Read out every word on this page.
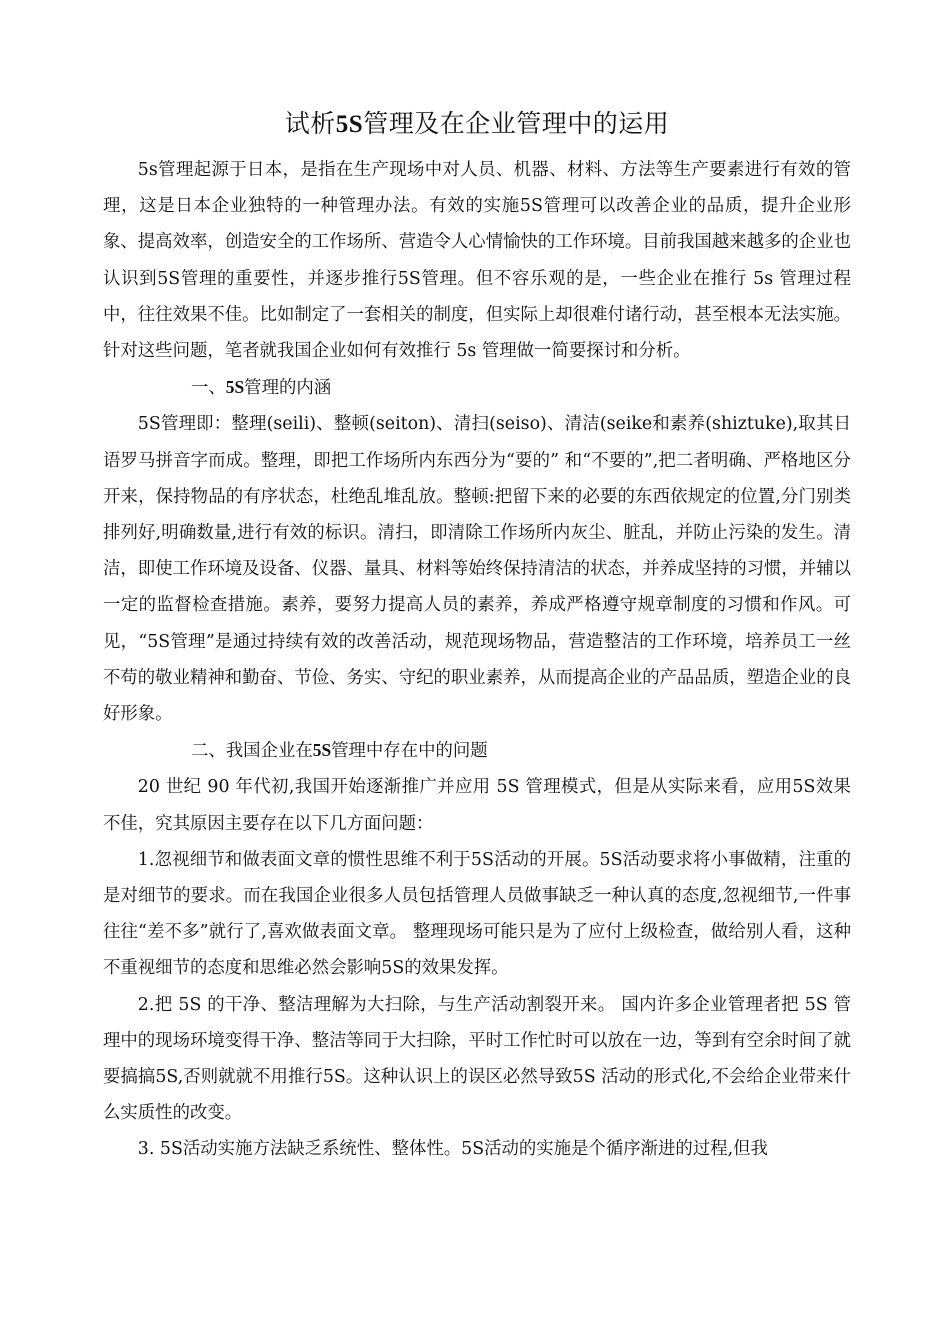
试析5S管理及在企业管理中的运用

5s管理起源于日本，是指在生产现场中对人员、机器、材料、方法等生产要素进行有效的管理，这是日本企业独特的一种管理办法。有效的实施5S管理可以改善企业的品质，提升企业形象、提高效率，创造安全的工作场所、营造令人心情愉快的工作环境。目前我国越来越多的企业也认识到5S管理的重要性，并逐步推行5S管理。但不容乐观的是，一些企业在推行 5s 管理过程中，往往效果不佳。比如制定了一套相关的制度，但实际上却很难付诸行动，甚至根本无法实施。针对这些问题，笔者就我国企业如何有效推行 5s 管理做一简要探讨和分析。

一、5S管理的内涵

5S管理即：整理(seili)、整顿(seiton)、清扫(seiso)、清洁(seike和素养(shiztuke),取其日语罗马拼音字而成。整理，即把工作场所内东西分为“要的” 和“不要的”,把二者明确、严格地区分开来，保持物品的有序状态，杜绝乱堆乱放。整顿:把留下来的必要的东西依规定的位置,分门别类排列好,明确数量,进行有效的标识。清扫，即清除工作场所内灰尘、脏乱，并防止污染的发生。清洁，即使工作环境及设备、仪器、量具、材料等始终保持清洁的状态，并养成坚持的习惯，并辅以一定的监督检查措施。素养，要努力提高人员的素养，养成严格遵守规章制度的习惯和作风。可见，“5S管理”是通过持续有效的改善活动，规范现场物品，营造整洁的工作环境，培养员工一丝不苟的敬业精神和勤奋、节俭、务实、守纪的职业素养，从而提高企业的产品品质，塑造企业的良好形象。

二、我国企业在5S管理中存在中的问题

20 世纪 90 年代初,我国开始逐渐推广并应用 5S 管理模式，但是从实际来看，应用5S效果不佳，究其原因主要存在以下几方面问题：

1.忽视细节和做表面文章的惯性思维不利于5S活动的开展。5S活动要求将小事做精，注重的是对细节的要求。而在我国企业很多人员包括管理人员做事缺乏一种认真的态度,忽视细节,一件事往往“差不多”就行了,喜欢做表面文章。 整理现场可能只是为了应付上级检查，做给别人看，这种不重视细节的态度和思维必然会影响5S的效果发挥。

2.把 5S 的干净、整洁理解为大扫除，与生产活动割裂开来。 国内许多企业管理者把 5S 管理中的现场环境变得干净、整洁等同于大扫除，平时工作忙时可以放在一边，等到有空余时间了就要搞搞5S,否则就就不用推行5S。这种认识上的误区必然导致5S 活动的形式化,不会给企业带来什么实质性的改变。

3. 5S活动实施方法缺乏系统性、整体性。5S活动的实施是个循序渐进的过程,但我
